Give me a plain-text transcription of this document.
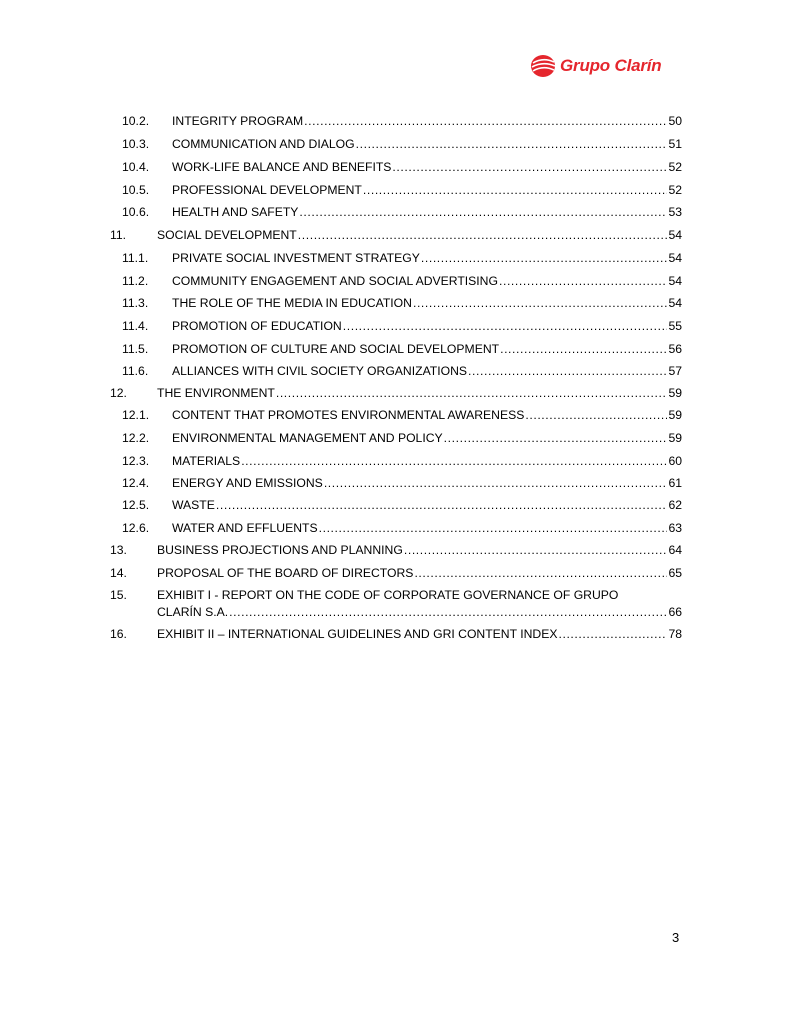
Grupo Clarín
10.2. INTEGRITY PROGRAM .....	50
10.3. COMMUNICATION AND DIALOG .....	51
10.4. WORK-LIFE BALANCE AND BENEFITS .....	52
10.5. PROFESSIONAL DEVELOPMENT .....	52
10.6. HEALTH AND SAFETY .....	53
11.	SOCIAL DEVELOPMENT .....	54
11.1. PRIVATE SOCIAL INVESTMENT STRATEGY .....	54
11.2. COMMUNITY ENGAGEMENT AND SOCIAL ADVERTISING .....	54
11.3. THE ROLE OF THE MEDIA IN EDUCATION .....	54
11.4. PROMOTION OF EDUCATION .....	55
11.5. PROMOTION OF CULTURE AND SOCIAL DEVELOPMENT .....	56
11.6. ALLIANCES WITH CIVIL SOCIETY ORGANIZATIONS .....	57
12. THE ENVIRONMENT .....	59
12.1. CONTENT THAT PROMOTES ENVIRONMENTAL AWARENESS .....	59
12.2. ENVIRONMENTAL MANAGEMENT AND POLICY .....	59
12.3. MATERIALS .....	60
12.4. ENERGY AND EMISSIONS .....	61
12.5. WASTE .....	62
12.6. WATER AND EFFLUENTS .....	63
13. BUSINESS PROJECTIONS AND PLANNING .....	64
14. PROPOSAL OF THE BOARD OF DIRECTORS .....	65
15. EXHIBIT I - REPORT ON THE CODE OF CORPORATE GOVERNANCE OF GRUPO
CLARÍN S.A. .....	66
16. EXHIBIT II – INTERNATIONAL GUIDELINES AND GRI CONTENT INDEX .....	78
3
